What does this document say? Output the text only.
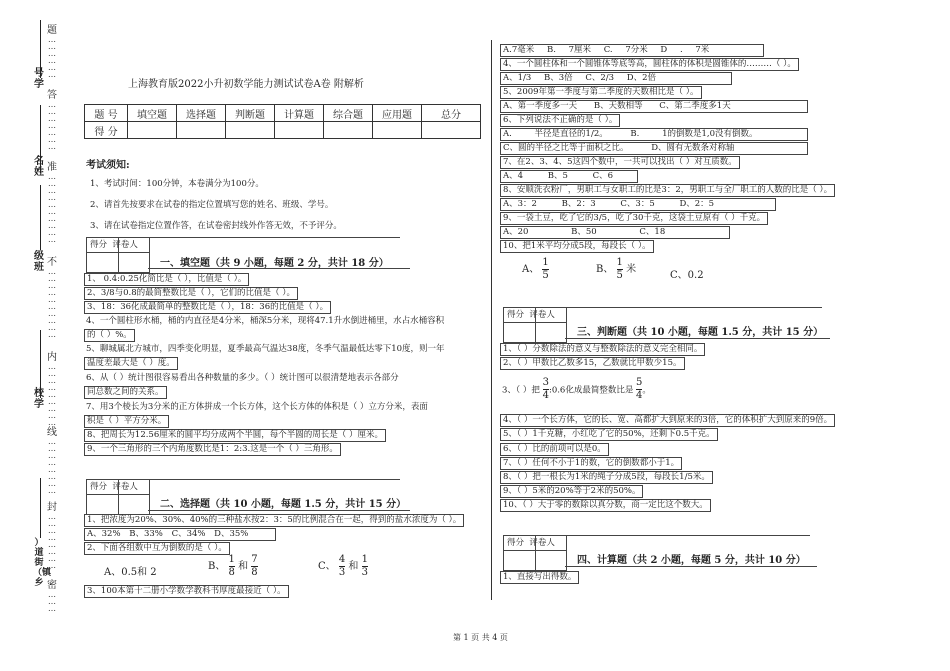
号学
名姓
级班
校学
）道街（镇乡
题
…
…
…
…
…
…
答
…
…
…
…
…
…
…
准
…
…
…
…
…
…
…
…
…
…
不
…
…
…
…
…
…
…
…
…
…
内
…
…
…
…
…
…
…
…
…
线
…
…
…
…
…
…
…
…
封
…
…
…
…
…
…
…
…
密
…
…
…
上海教育版2022小升初数学能力测试试卷A卷 附解析
题 号	填空题	选择题	判断题	计算题	综合题	应用题	总分
得 分							
考试须知:
1、考试时间：100分钟，本卷满分为100分。
2、请首先按要求在试卷的指定位置填写您的姓名、班级、学号。
3、请在试卷指定位置作答，在试卷密封线外作答无效，不予评分。
得分 评卷人
一、填空题（共 9 小题，每题 2 分，共计 18 分）
1、 0.4:0.25化简比是（ ），比值是（ ）。
2、3/8与0.8的最简整数比是（ ），它们的比值是（ ）。
3、18：36化成最简单的整数比是（ ），18：36的比值是（ ）。
4、一个圆柱形水桶，桶的内直径是4分米，桶深5分米，现将47.1升水倒进桶里，水占水桶容积
的（ ）%。
5、聊城属北方城市，四季变化明显，夏季最高气温达38度，冬季气温最低达零下10度，则一年
温度差最大是（ ）度。
6、从（ ）统计图很容易看出各种数量的多少。（ ）统计图可以很清楚地表示各部分
同总数之间的关系。
7、用3个棱长为3分米的正方体拼成一个长方体，这个长方体的体积是（ ）立方分米，表面
积是（ ）平方分米。
8、把周长为12.56厘米的圆平均分成两个半圆，每个半圆的周长是（ ）厘米。
9、一个三角形的三个内角度数比是1：2:3.这是一个（ ）三角形。
得分 评卷人
二、选择题（共 10 小题，每题 1.5 分，共计 15 分）
1、把浓度为20%、30%、40%的三种盐水按2：3：5的比例混合在一起，得到的盐水浓度为（ ）。
A、32% B、33% C、34% D、35%
2、下面各组数中互为倒数的是（ ）。
A、0.5和 2
B、 $\frac{1}{8}$ 和 $\frac{7}{8}$	C、 $\frac{4}{3}$ 和 $\frac{1}{3}$
3、100本第十二册小学数学教科书厚度最接近（ ）。
A.7毫米 B. 7厘米 C. 7分米 D . 7米
4、一个圆柱体和一个圆锥体等底等高，圆柱体的体积是圆锥体的………（ ）。
A、1/3 B、3倍 C、2/3 D、2倍
5、2009年第一季度与第二季度的天数相比是（ ）。
A、第一季度多一天 B、天数相等 C、第二季度多1天
6、下列说法不正确的是（ ）。
A. 半径是直径的1/2。 B. 1的倒数是1,0没有倒数。
C、圆的半径之比等于面积之比。 D、圆有无数条对称轴
7、在2、3、4、5这四个数中，一共可以找出（ ）对互质数。
A、4 B、5 C、6
8、安顺洗衣粉厂，男职工与女职工的比是3：2，男职工与全厂职工的人数的比是（ ）。
A、3：2 B、2：3 C、3：5 D、2：5
9、一袋土豆，吃了它的3/5，吃了30千克，这袋土豆原有（ ）千克。
A、20 B、50 C、18
10、把1米平均分成5段，每段长（ ）。
A、 $\frac{1}{5}$	B、 $\frac{1}{5}$ 米
C、0.2
得分 评卷人
三、判断题（共 10 小题，每题 1.5 分，共计 15 分）
1、（ ）分数除法的意义与整数除法的意义完全相同。
2、（ ）甲数比乙数多15，乙数就比甲数少15。
3、（ ）把 $\frac{3}{4}$ :0.6化成最简整数比是 $\frac{5}{4}$ 。
4、（ ）一个长方体，它的长、宽、高都扩大到原来的3倍，它的体积扩大到原来的9倍。
5、（ ）1千克糖，小红吃了它的50%，还剩下0.5千克。
6、（ ）比的前项可以是0。
7、（ ）任何不小于1的数，它的倒数都小于1。
8、（ ）把一根长为1米的绳子分成5段，每段长1/5米。
9、（ ）5米的20%等于2米的50%。
10、（ ）大于零的数除以真分数，商一定比这个数大。
得分 评卷人
四、计算题（共 2 小题，每题 5 分，共计 10 分）
1、直接写出得数。
第 1 页 共 4 页
